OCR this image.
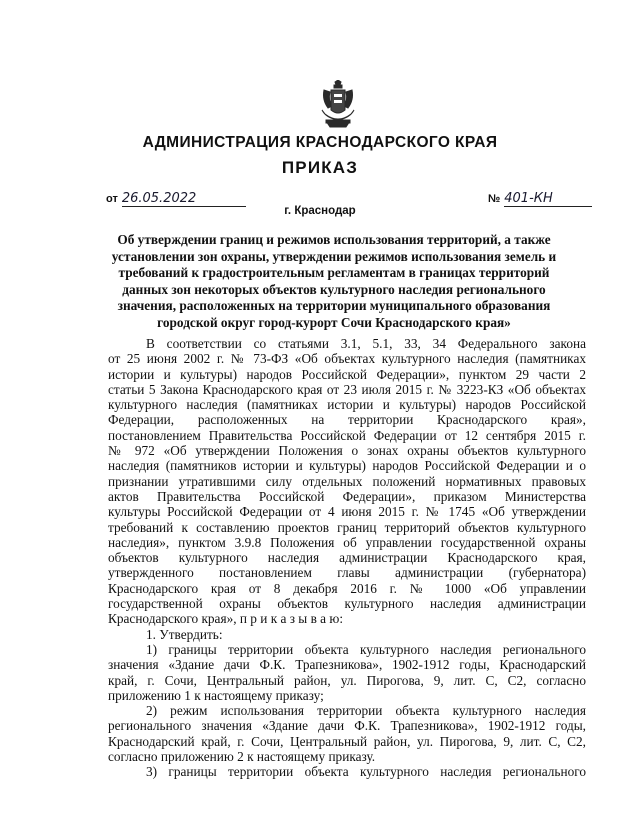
АДМИНИСТРАЦИЯ КРАСНОДАРСКОГО КРАЯ
ПРИКАЗ
от 26.05.2022	№ 401-КН
г. Краснодар
Об утверждении границ и режимов использования территорий, а также
установлении зон охраны, утверждении режимов использования земель и
требований к градостроительным регламентам в границах территорий
данных зон некоторых объектов культурного наследия регионального
значения, расположенных на территории муниципального образования
городской округ город-курорт Сочи Краснодарского края»
В соответствии со статьями 3.1, 5.1, 33, 34 Федерального закона
от 25 июня 2002 г. № 73-ФЗ «Об объектах культурного наследия (памятниках
истории и культуры) народов Российской Федерации», пунктом 29 части 2
статьи 5 Закона Краснодарского края от 23 июля 2015 г. № 3223-КЗ «Об объектах
культурного наследия (памятниках истории и культуры) народов Российской
Федерации, расположенных на территории Краснодарского края»,
постановлением Правительства Российской Федерации от 12 сентября 2015 г.
№ 972 «Об утверждении Положения о зонах охраны объектов культурного
наследия (памятников истории и культуры) народов Российской Федерации и о
признании утратившими силу отдельных положений нормативных правовых
актов Правительства Российской Федерации», приказом Министерства
культуры Российской Федерации от 4 июня 2015 г. № 1745 «Об утверждении
требований к составлению проектов границ территорий объектов культурного
наследия», пунктом 3.9.8 Положения об управлении государственной охраны
объектов культурного наследия администрации Краснодарского края,
утвержденного постановлением главы администрации (губернатора)
Краснодарского края от 8 декабря 2016 г. № 1000 «Об управлении
государственной охраны объектов культурного наследия администрации
Краснодарского края», п р и к а з ы в а ю:
1. Утвердить:
1) границы территории объекта культурного наследия регионального
значения «Здание дачи Ф.К. Трапезникова», 1902-1912 годы, Краснодарский
край, г. Сочи, Центральный район, ул. Пирогова, 9, лит. С, С2, согласно
приложению 1 к настоящему приказу;
2) режим использования территории объекта культурного наследия
регионального значения «Здание дачи Ф.К. Трапезникова», 1902-1912 годы,
Краснодарский край, г. Сочи, Центральный район, ул. Пирогова, 9, лит. С, С2,
согласно приложению 2 к настоящему приказу.
3) границы территории объекта культурного наследия регионального
